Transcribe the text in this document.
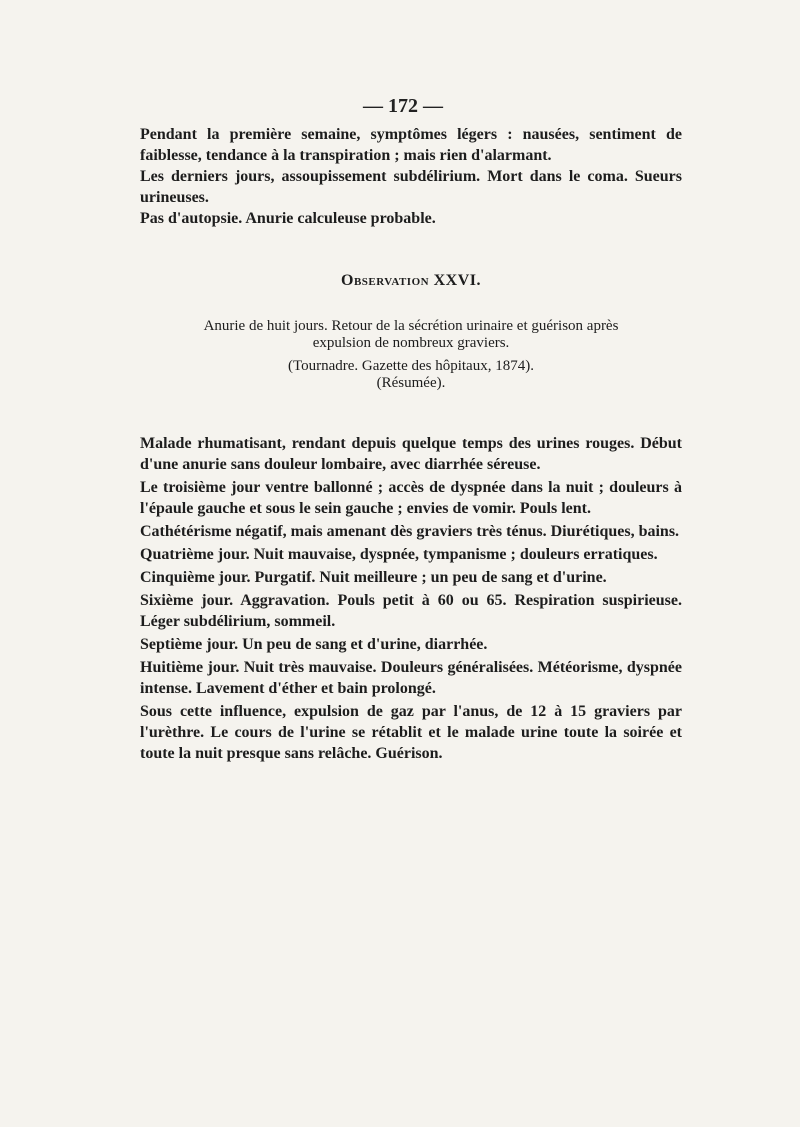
— 172 —

Pendant la première semaine, symptômes légers : nausées, sentiment de faiblesse, tendance à la transpiration ; mais rien d'alarmant.

Les derniers jours, assoupissement subdélirium. Mort dans le coma. Sueurs urineuses.

Pas d'autopsie. Anurie calculeuse probable.

Observation XXVI.
Anurie de huit jours. Retour de la sécrétion urinaire et guérison après
expulsion de nombreux graviers.
(Tournadre. Gazette des hôpitaux, 1874).
(Résumée).

Malade rhumatisant, rendant depuis quelque temps des urines rouges. Début d'une anurie sans douleur lombaire, avec diarrhée séreuse.

Le troisième jour ventre ballonné ; accès de dyspnée dans la nuit ; douleurs à l'épaule gauche et sous le sein gauche ; envies de vomir. Pouls lent.

Cathétérisme négatif, mais amenant dès graviers très ténus. Diurétiques, bains.

Quatrième jour. Nuit mauvaise, dyspnée, tympanisme ; douleurs erratiques.

Cinquième jour. Purgatif. Nuit meilleure ; un peu de sang et d'urine.

Sixième jour. Aggravation. Pouls petit à 60 ou 65. Respiration suspirieuse. Léger subdélirium, sommeil.

Septième jour. Un peu de sang et d'urine, diarrhée.

Huitième jour. Nuit très mauvaise. Douleurs généralisées. Météorisme, dyspnée intense. Lavement d'éther et bain prolongé.

Sous cette influence, expulsion de gaz par l'anus, de 12 à 15 graviers par l'urèthre. Le cours de l'urine se rétablit et le malade urine toute la soirée et toute la nuit presque sans relâche. Guérison.
